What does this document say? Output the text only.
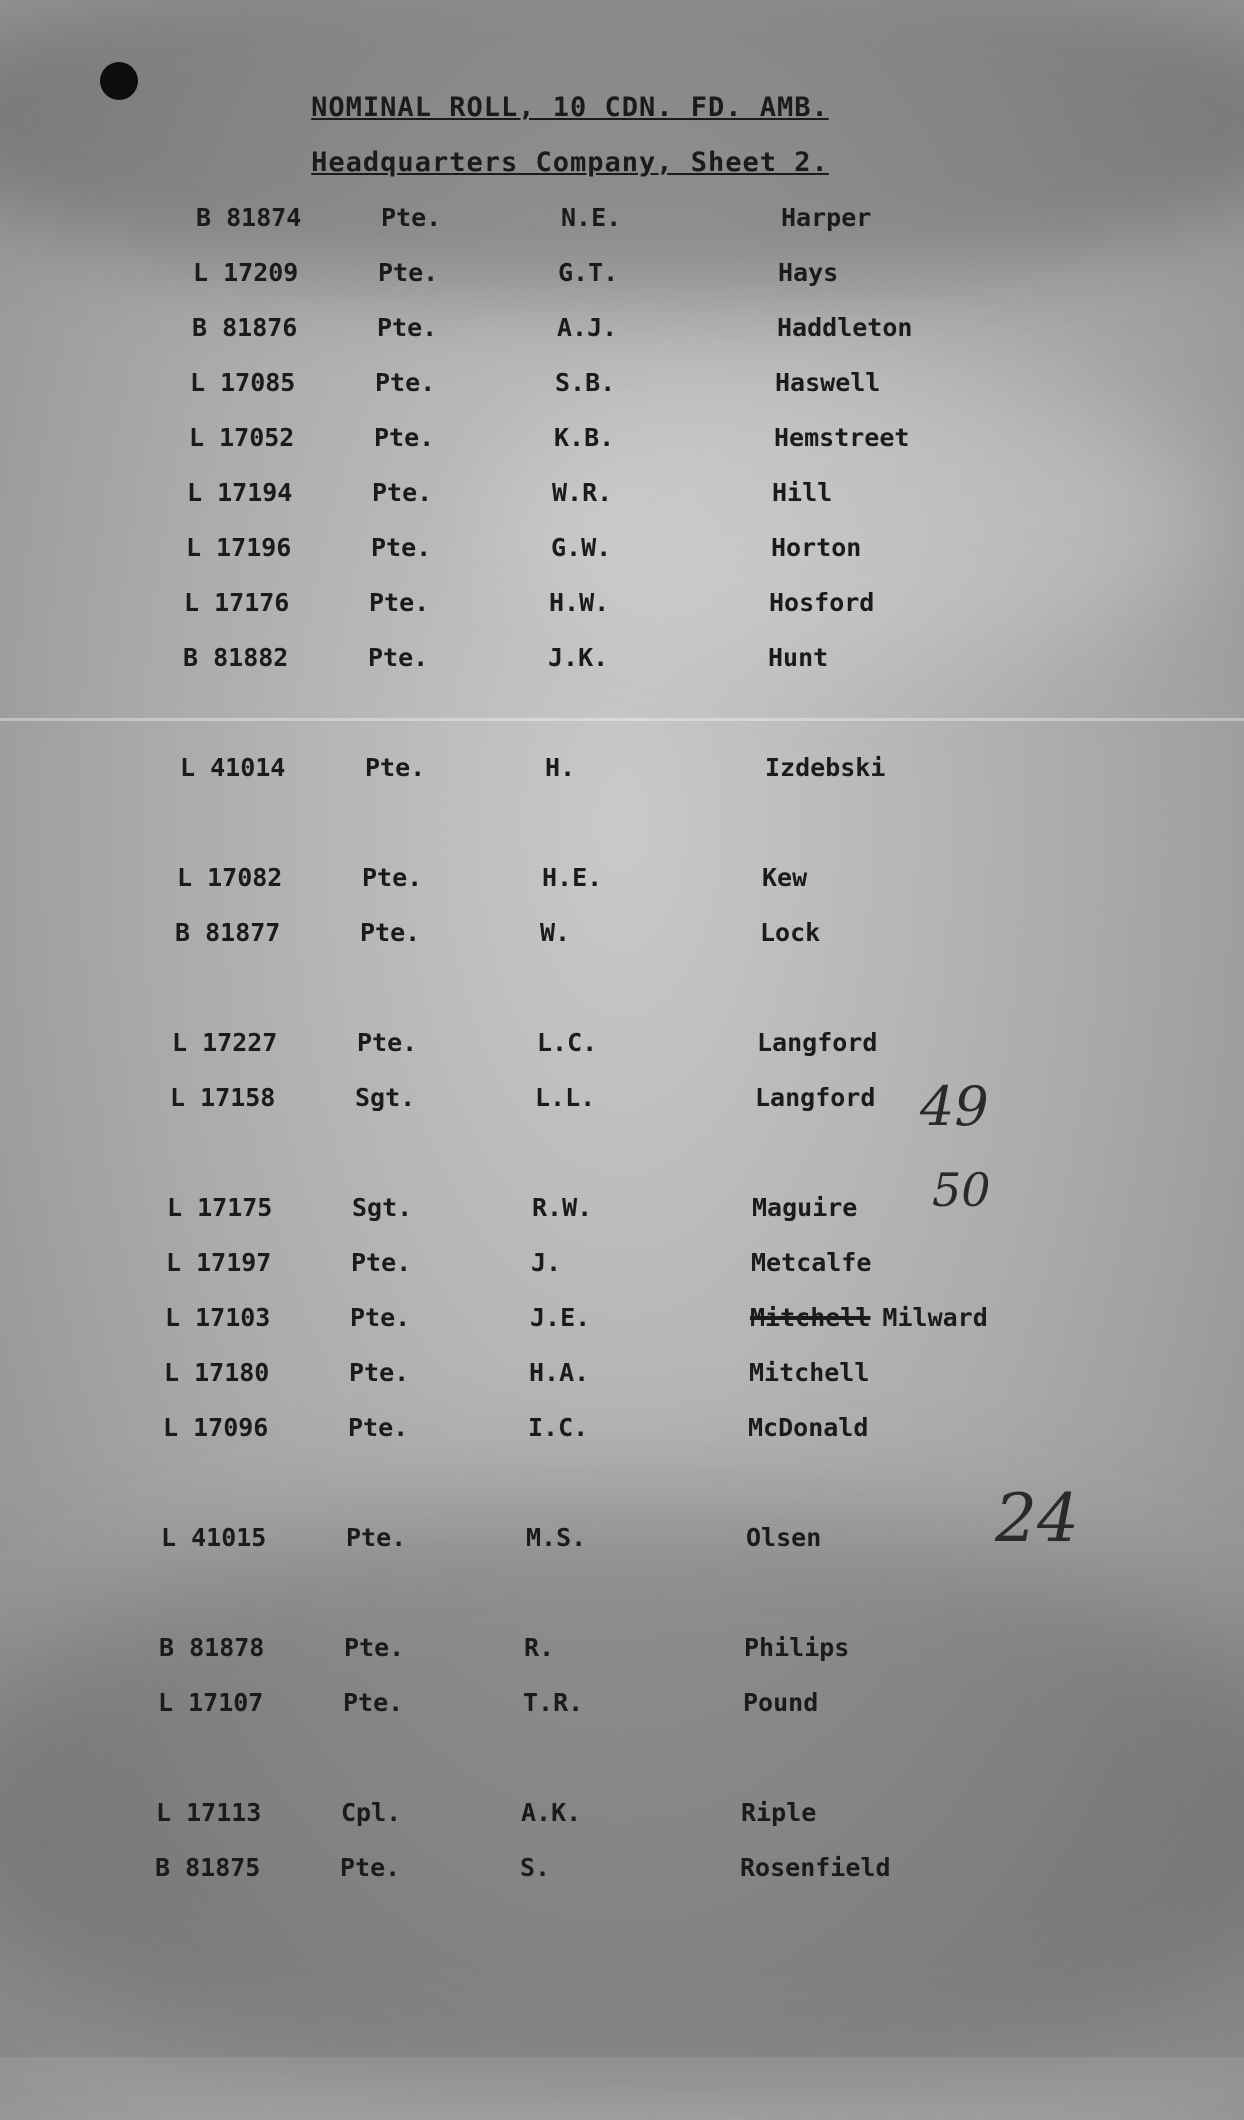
NOMINAL ROLL, 10 CDN. FD. AMB.
Headquarters Company, Sheet 2.
B 81874	Pte.	N.E.	Harper
L 17209	Pte.	G.T.	Hays
B 81876	Pte.	A.J.	Haddleton
L 17085	Pte.	S.B.	Haswell
L 17052	Pte.	K.B.	Hemstreet
L 17194	Pte.	W.R.	Hill
L 17196	Pte.	G.W.	Horton
L 17176	Pte.	H.W.	Hosford
B 81882	Pte.	J.K.	Hunt
L 41014	Pte.	H.	Izdebski
L 17082	Pte.	H.E.	Kew
B 81877	Pte.	W.	Lock
L 17227	Pte.	L.C.	Langford
L 17158	Sgt.	L.L.	Langford
L 17175	Sgt.	R.W.	Maguire
L 17197	Pte.	J.	Metcalfe
L 17103	Pte.	J.E.	Mitchell Milward
L 17180	Pte.	H.A.	Mitchell
L 17096	Pte.	I.C.	McDonald
L 41015	Pte.	M.S.	Olsen
B 81878	Pte.	R.	Philips
L 17107	Pte.	T.R.	Pound
L 17113	Cpl.	A.K.	Riple
B 81875	Pte.	S.	Rosenfield
49
50
24
